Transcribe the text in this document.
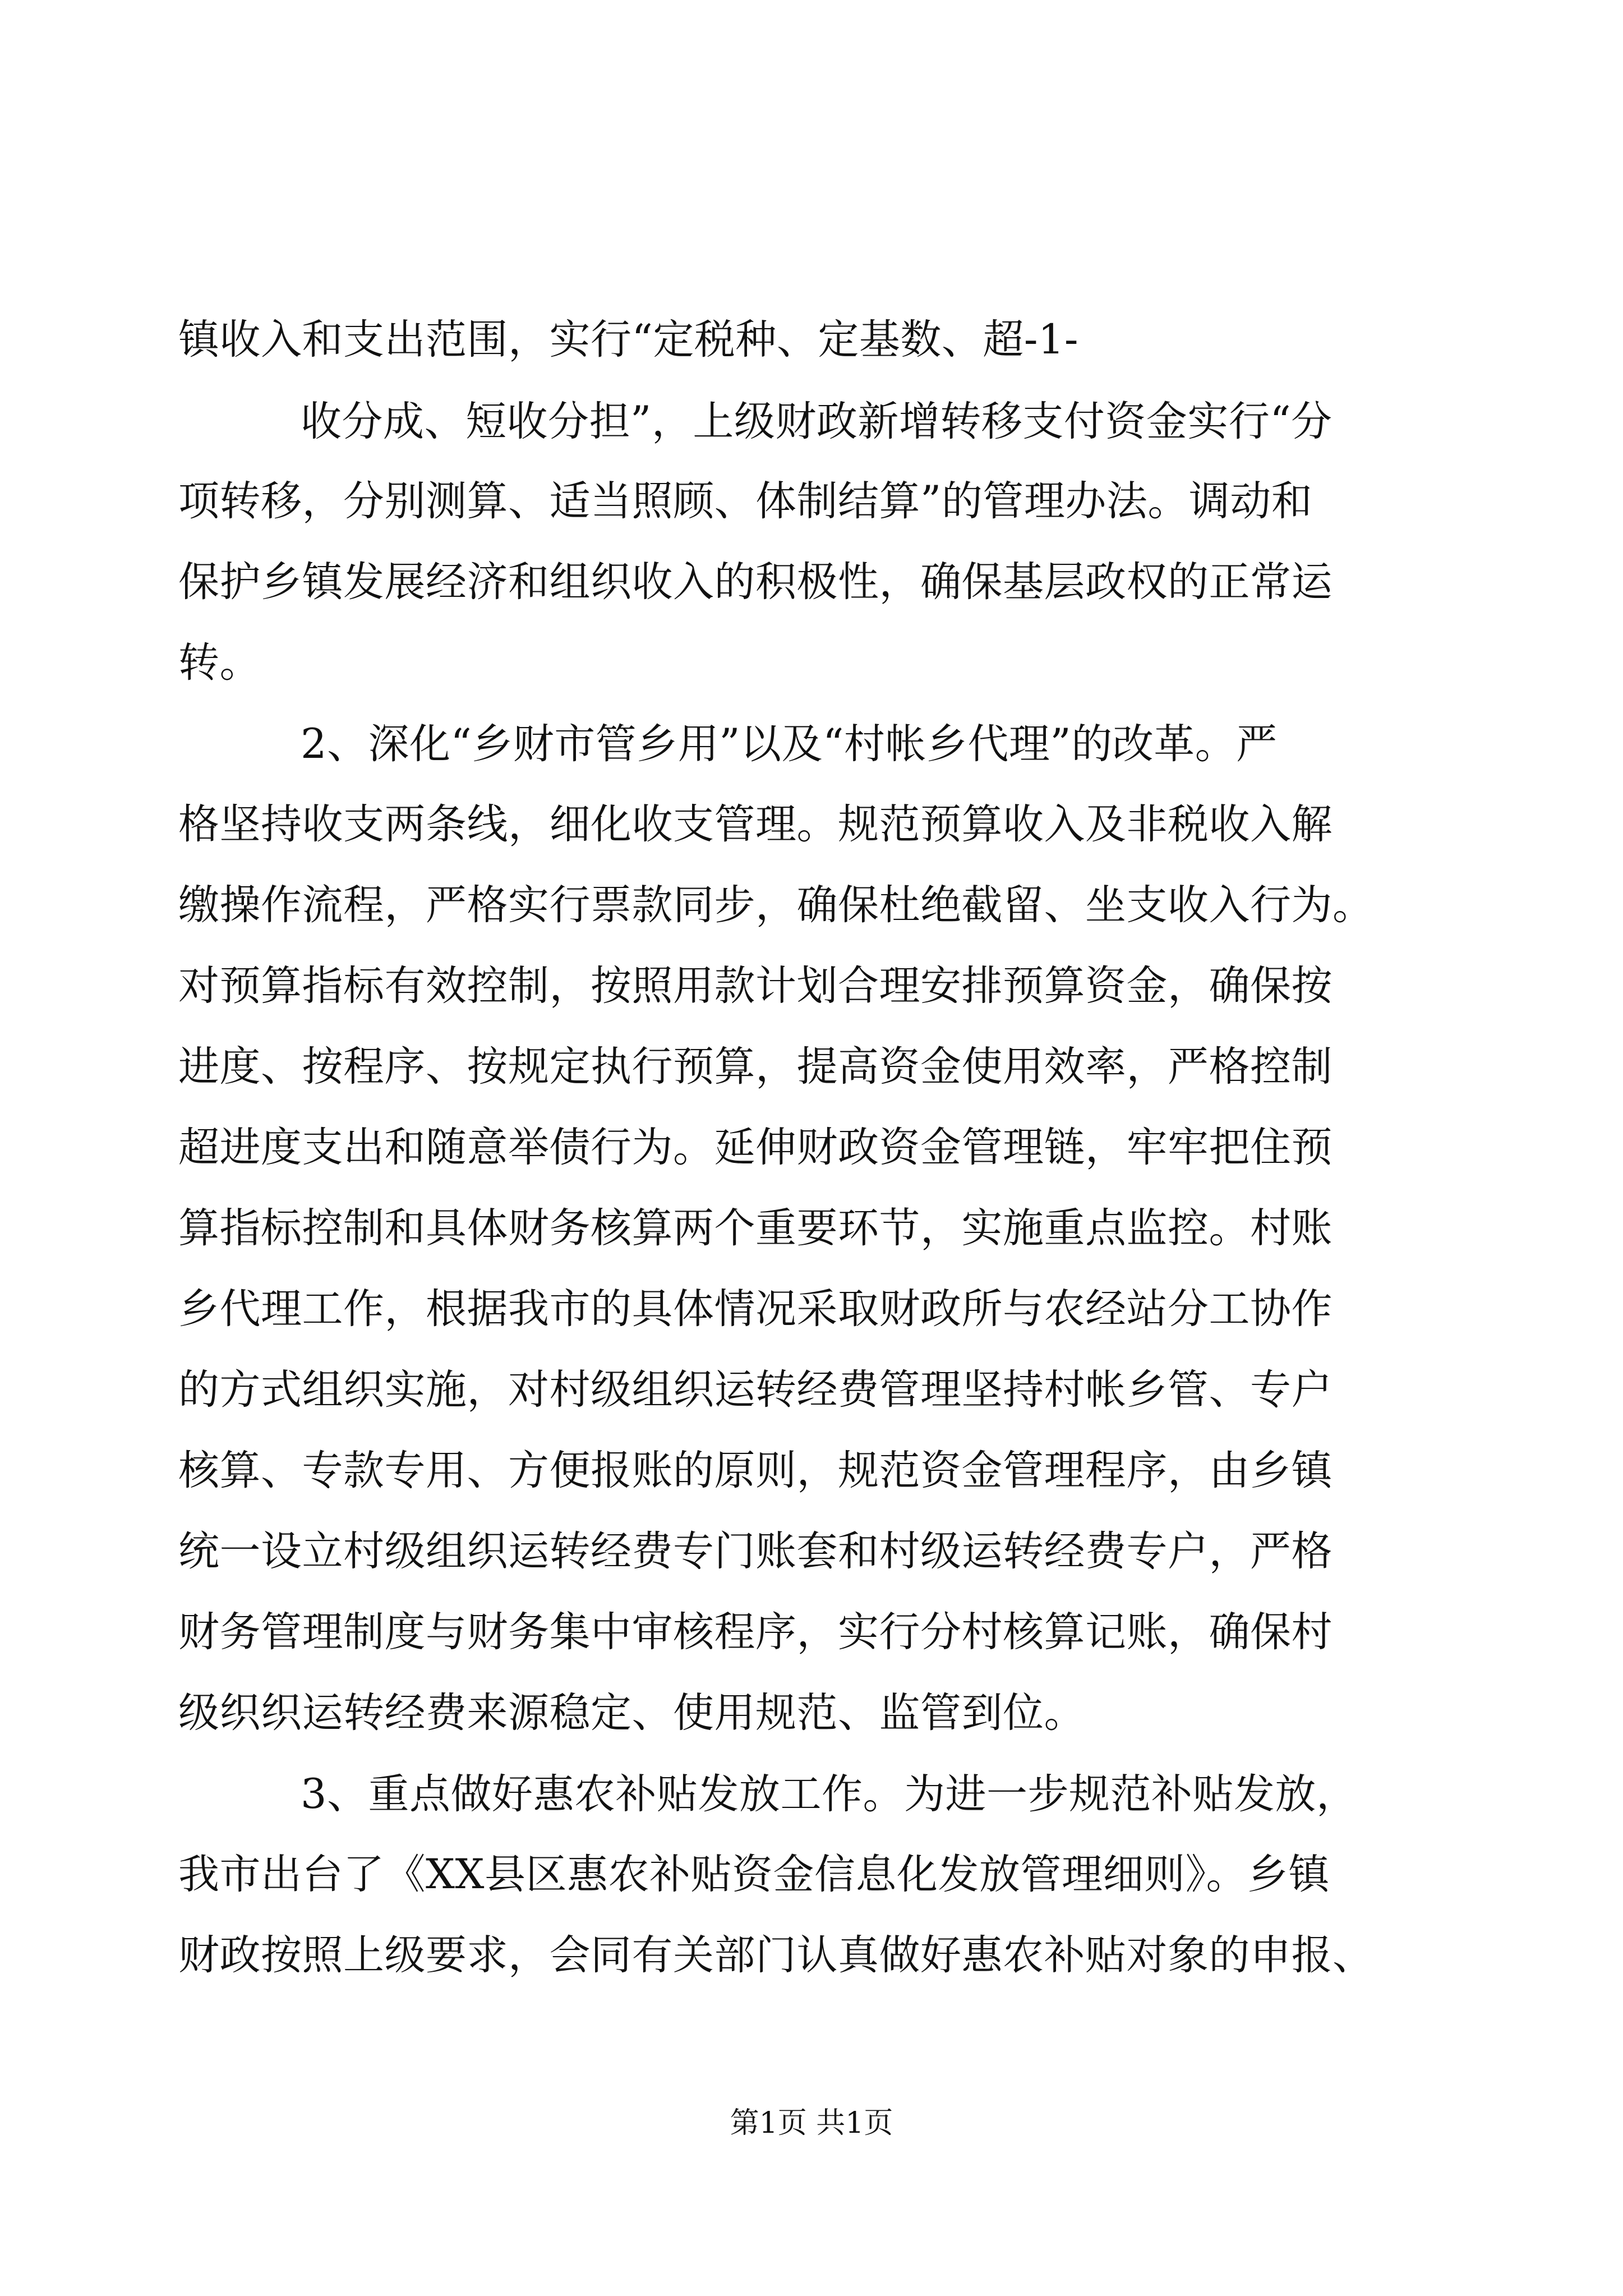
镇收入和支出范围，实行“定税种、定基数、超-1-
收分成、短收分担”，上级财政新增转移支付资金实行“分
项转移，分别测算、适当照顾、体制结算”的管理办法。调动和
保护乡镇发展经济和组织收入的积极性，确保基层政权的正常运
转。
2、深化“乡财市管乡用”以及“村帐乡代理”的改革。严
格坚持收支两条线，细化收支管理。规范预算收入及非税收入解
缴操作流程，严格实行票款同步，确保杜绝截留、坐支收入行为。
对预算指标有效控制，按照用款计划合理安排预算资金，确保按
进度、按程序、按规定执行预算，提高资金使用效率，严格控制
超进度支出和随意举债行为。延伸财政资金管理链，牢牢把住预
算指标控制和具体财务核算两个重要环节，实施重点监控。村账
乡代理工作，根据我市的具体情况采取财政所与农经站分工协作
的方式组织实施，对村级组织运转经费管理坚持村帐乡管、专户
核算、专款专用、方便报账的原则，规范资金管理程序，由乡镇
统一设立村级组织运转经费专门账套和村级运转经费专户，严格
财务管理制度与财务集中审核程序，实行分村核算记账，确保村
级织织运转经费来源稳定、使用规范、监管到位。
3、重点做好惠农补贴发放工作。为进一步规范补贴发放，
我市出台了《XX县区惠农补贴资金信息化发放管理细则》。乡镇
财政按照上级要求，会同有关部门认真做好惠农补贴对象的申报、
第1页 共1页
